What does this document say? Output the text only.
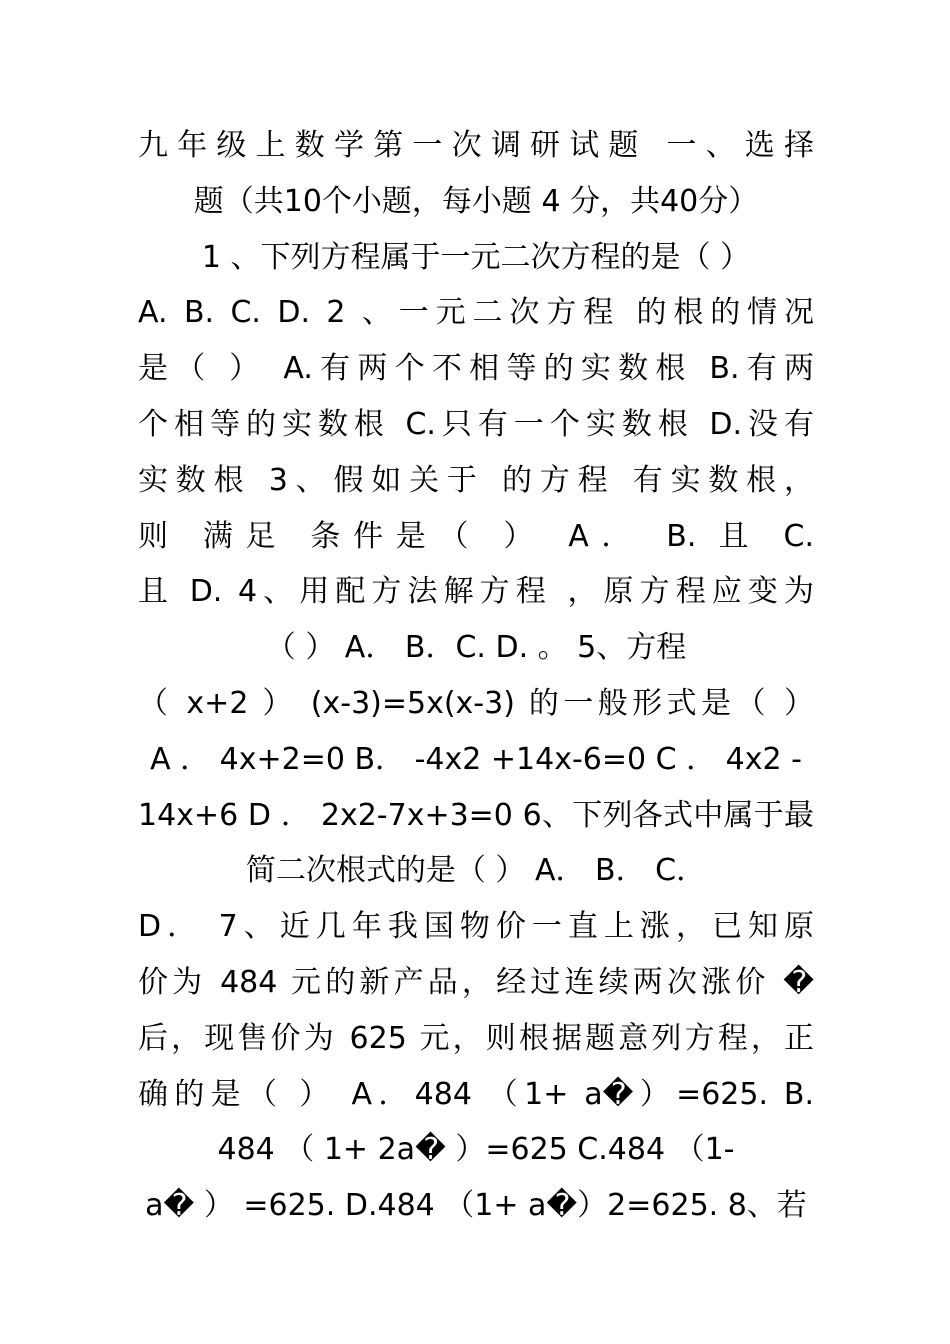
九年级上数学第一次调研试题 一、选择
题（共10个小题，每小题 4 分，共40分）
1 、下列方程属于一元二次方程的是（ ）
A. B. C. D. 2 、一元二次方程 的根的情况
是（ ） A.有两个不相等的实数根 B.有两
个相等的实数根 C.只有一个实数根 D.没有
实数根 3、假如关于 的方程 有实数根，
则 满足 条件是（ ） A． B. 且 C.
且 D. 4、用配方法解方程 ，原方程应变为
（ ） A． B．C. D. 。 5、方程
（ x+2 ） (x-3)=5x(x-3) 的一般形式是（ ）
A ． 4x+2=0 B． -4x2 +14x-6=0 C ． 4x2 -
14x+6 D ． 2x2-7x+3=0 6、下列各式中属于最
简二次根式的是（ ） A． B． C．
D． 7、近几年我国物价一直上涨，已知原
价为 484 元的新产品，经过连续两次涨价 �
后，现售价为 625 元，则根据题意列方程，正
确的是（ ） A．484 （1+ a�）=625. B.
484 （ 1+ 2a� ）=625 C.484 （1-
a� ） =625. D.484 （1+ a�）2=625. 8、若
